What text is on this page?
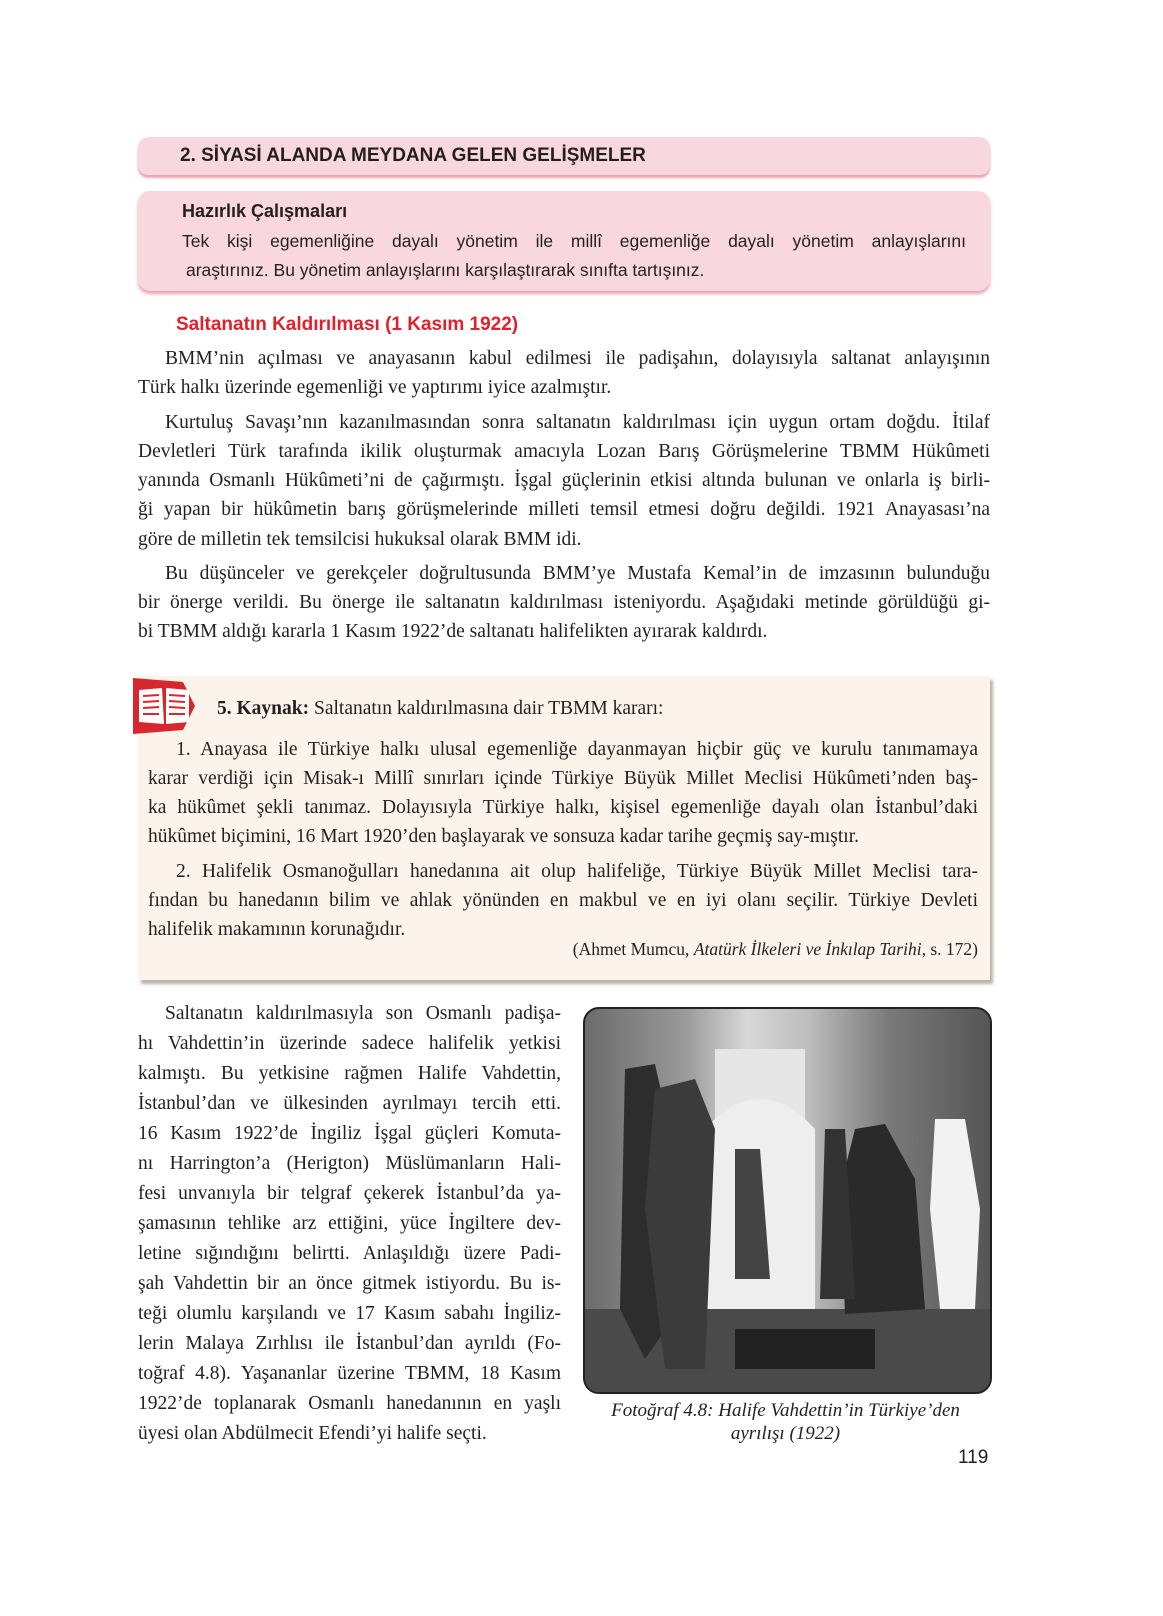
2. SİYASİ ALANDA MEYDANA GELEN GELİŞMELER
Hazırlık Çalışmaları
Tek kişi egemenliğine dayalı yönetim ile millî egemenliğe dayalı yönetim anlayışlarını
araştırınız. Bu yönetim anlayışlarını karşılaştırarak sınıfta tartışınız.
Saltanatın Kaldırılması (1 Kasım 1922)
BMM’nin açılması ve anayasanın kabul edilmesi ile padişahın, dolayısıyla saltanat anlayışının
Türk halkı üzerinde egemenliği ve yaptırımı iyice azalmıştır.
Kurtuluş Savaşı’nın kazanılmasından sonra saltanatın kaldırılması için uygun ortam doğdu. İtilaf
Devletleri Türk tarafında ikilik oluşturmak amacıyla Lozan Barış Görüşmelerine TBMM Hükûmeti
yanında Osmanlı Hükûmeti’ni de çağırmıştı. İşgal güçlerinin etkisi altında bulunan ve onlarla iş birli-
ği yapan bir hükûmetin barış görüşmelerinde milleti temsil etmesi doğru değildi. 1921 Anayasası’na
göre de milletin tek temsilcisi hukuksal olarak BMM idi.
Bu düşünceler ve gerekçeler doğrultusunda BMM’ye Mustafa Kemal’in de imzasının bulunduğu
bir önerge verildi. Bu önerge ile saltanatın kaldırılması isteniyordu. Aşağıdaki metinde görüldüğü gi-
bi TBMM aldığı kararla 1 Kasım 1922’de saltanatı halifelikten ayırarak kaldırdı.
5. Kaynak: Saltanatın kaldırılmasına dair TBMM kararı:
1. Anayasa ile Türkiye halkı ulusal egemenliğe dayanmayan hiçbir güç ve kurulu tanımamaya
karar verdiği için Misak-ı Millî sınırları içinde Türkiye Büyük Millet Meclisi Hükûmeti’nden baş-
ka hükûmet şekli tanımaz. Dolayısıyla Türkiye halkı, kişisel egemenliğe dayalı olan İstanbul’daki
hükûmet biçimini, 16 Mart 1920’den başlayarak ve sonsuza kadar tarihe geçmiş say-mıştır.
2. Halifelik Osmanoğulları hanedanına ait olup halifeliğe, Türkiye Büyük Millet Meclisi tara-
fından bu hanedanın bilim ve ahlak yönünden en makbul ve en iyi olanı seçilir. Türkiye Devleti
halifelik makamının korunağıdır.
(Ahmet Mumcu, Atatürk İlkeleri ve İnkılap Tarihi, s. 172)
Saltanatın kaldırılmasıyla son Osmanlı padişa-
hı Vahdettin’in üzerinde sadece halifelik yetkisi
kalmıştı. Bu yetkisine rağmen Halife Vahdettin,
İstanbul’dan ve ülkesinden ayrılmayı tercih etti.
16 Kasım 1922’de İngiliz İşgal güçleri Komuta-
nı Harrington’a (Herigton) Müslümanların Hali-
fesi unvanıyla bir telgraf çekerek İstanbul’da ya-
şamasının tehlike arz ettiğini, yüce İngiltere dev-
letine sığındığını belirtti. Anlaşıldığı üzere Padi-
şah Vahdettin bir an önce gitmek istiyordu. Bu is-
teği olumlu karşılandı ve 17 Kasım sabahı İngiliz-
lerin Malaya Zırhlısı ile İstanbul’dan ayrıldı (Fo-
toğraf 4.8). Yaşananlar üzerine TBMM, 18 Kasım
1922’de toplanarak Osmanlı hanedanının en yaşlı
üyesi olan Abdülmecit Efendi’yi halife seçti.
Fotoğraf 4.8: Halife Vahdettin’in Türkiye’den
ayrılışı (1922)
119
